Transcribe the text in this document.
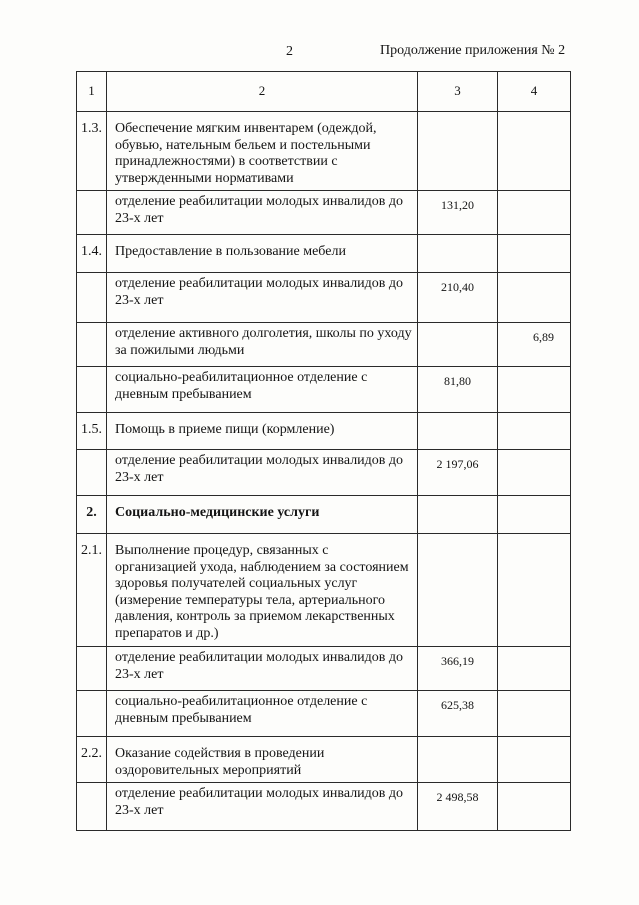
2	Продолжение приложения № 2
1	2	3	4
1.3.	Обеспечение мягким инвентарем (одеждой, обувью, нательным бельем и постельными принадлежностями) в соответствии с утвержденными нормативами		
	отделение реабилитации молодых инвалидов до 23-х лет	131,20	
1.4.	Предоставление в пользование мебели		
	отделение реабилитации молодых инвалидов до 23-х лет	210,40	
	отделение активного долголетия, школы по уходу за пожилыми людьми		6,89
	социально-реабилитационное отделение с дневным пребыванием	81,80	
1.5.	Помощь в приеме пищи (кормление)		
	отделение реабилитации молодых инвалидов до 23-х лет	2 197,06	
2.	Социально-медицинские услуги		
2.1.	Выполнение процедур, связанных с организацией ухода, наблюдением за состоянием здоровья получателей социальных услуг (измерение температуры тела, артериального давления, контроль за приемом лекарственных препаратов и др.)		
	отделение реабилитации молодых инвалидов до 23-х лет	366,19	
	социально-реабилитационное отделение с дневным пребыванием	625,38	
2.2.	Оказание содействия в проведении оздоровительных мероприятий		
	отделение реабилитации молодых инвалидов до 23-х лет	2 498,58	
